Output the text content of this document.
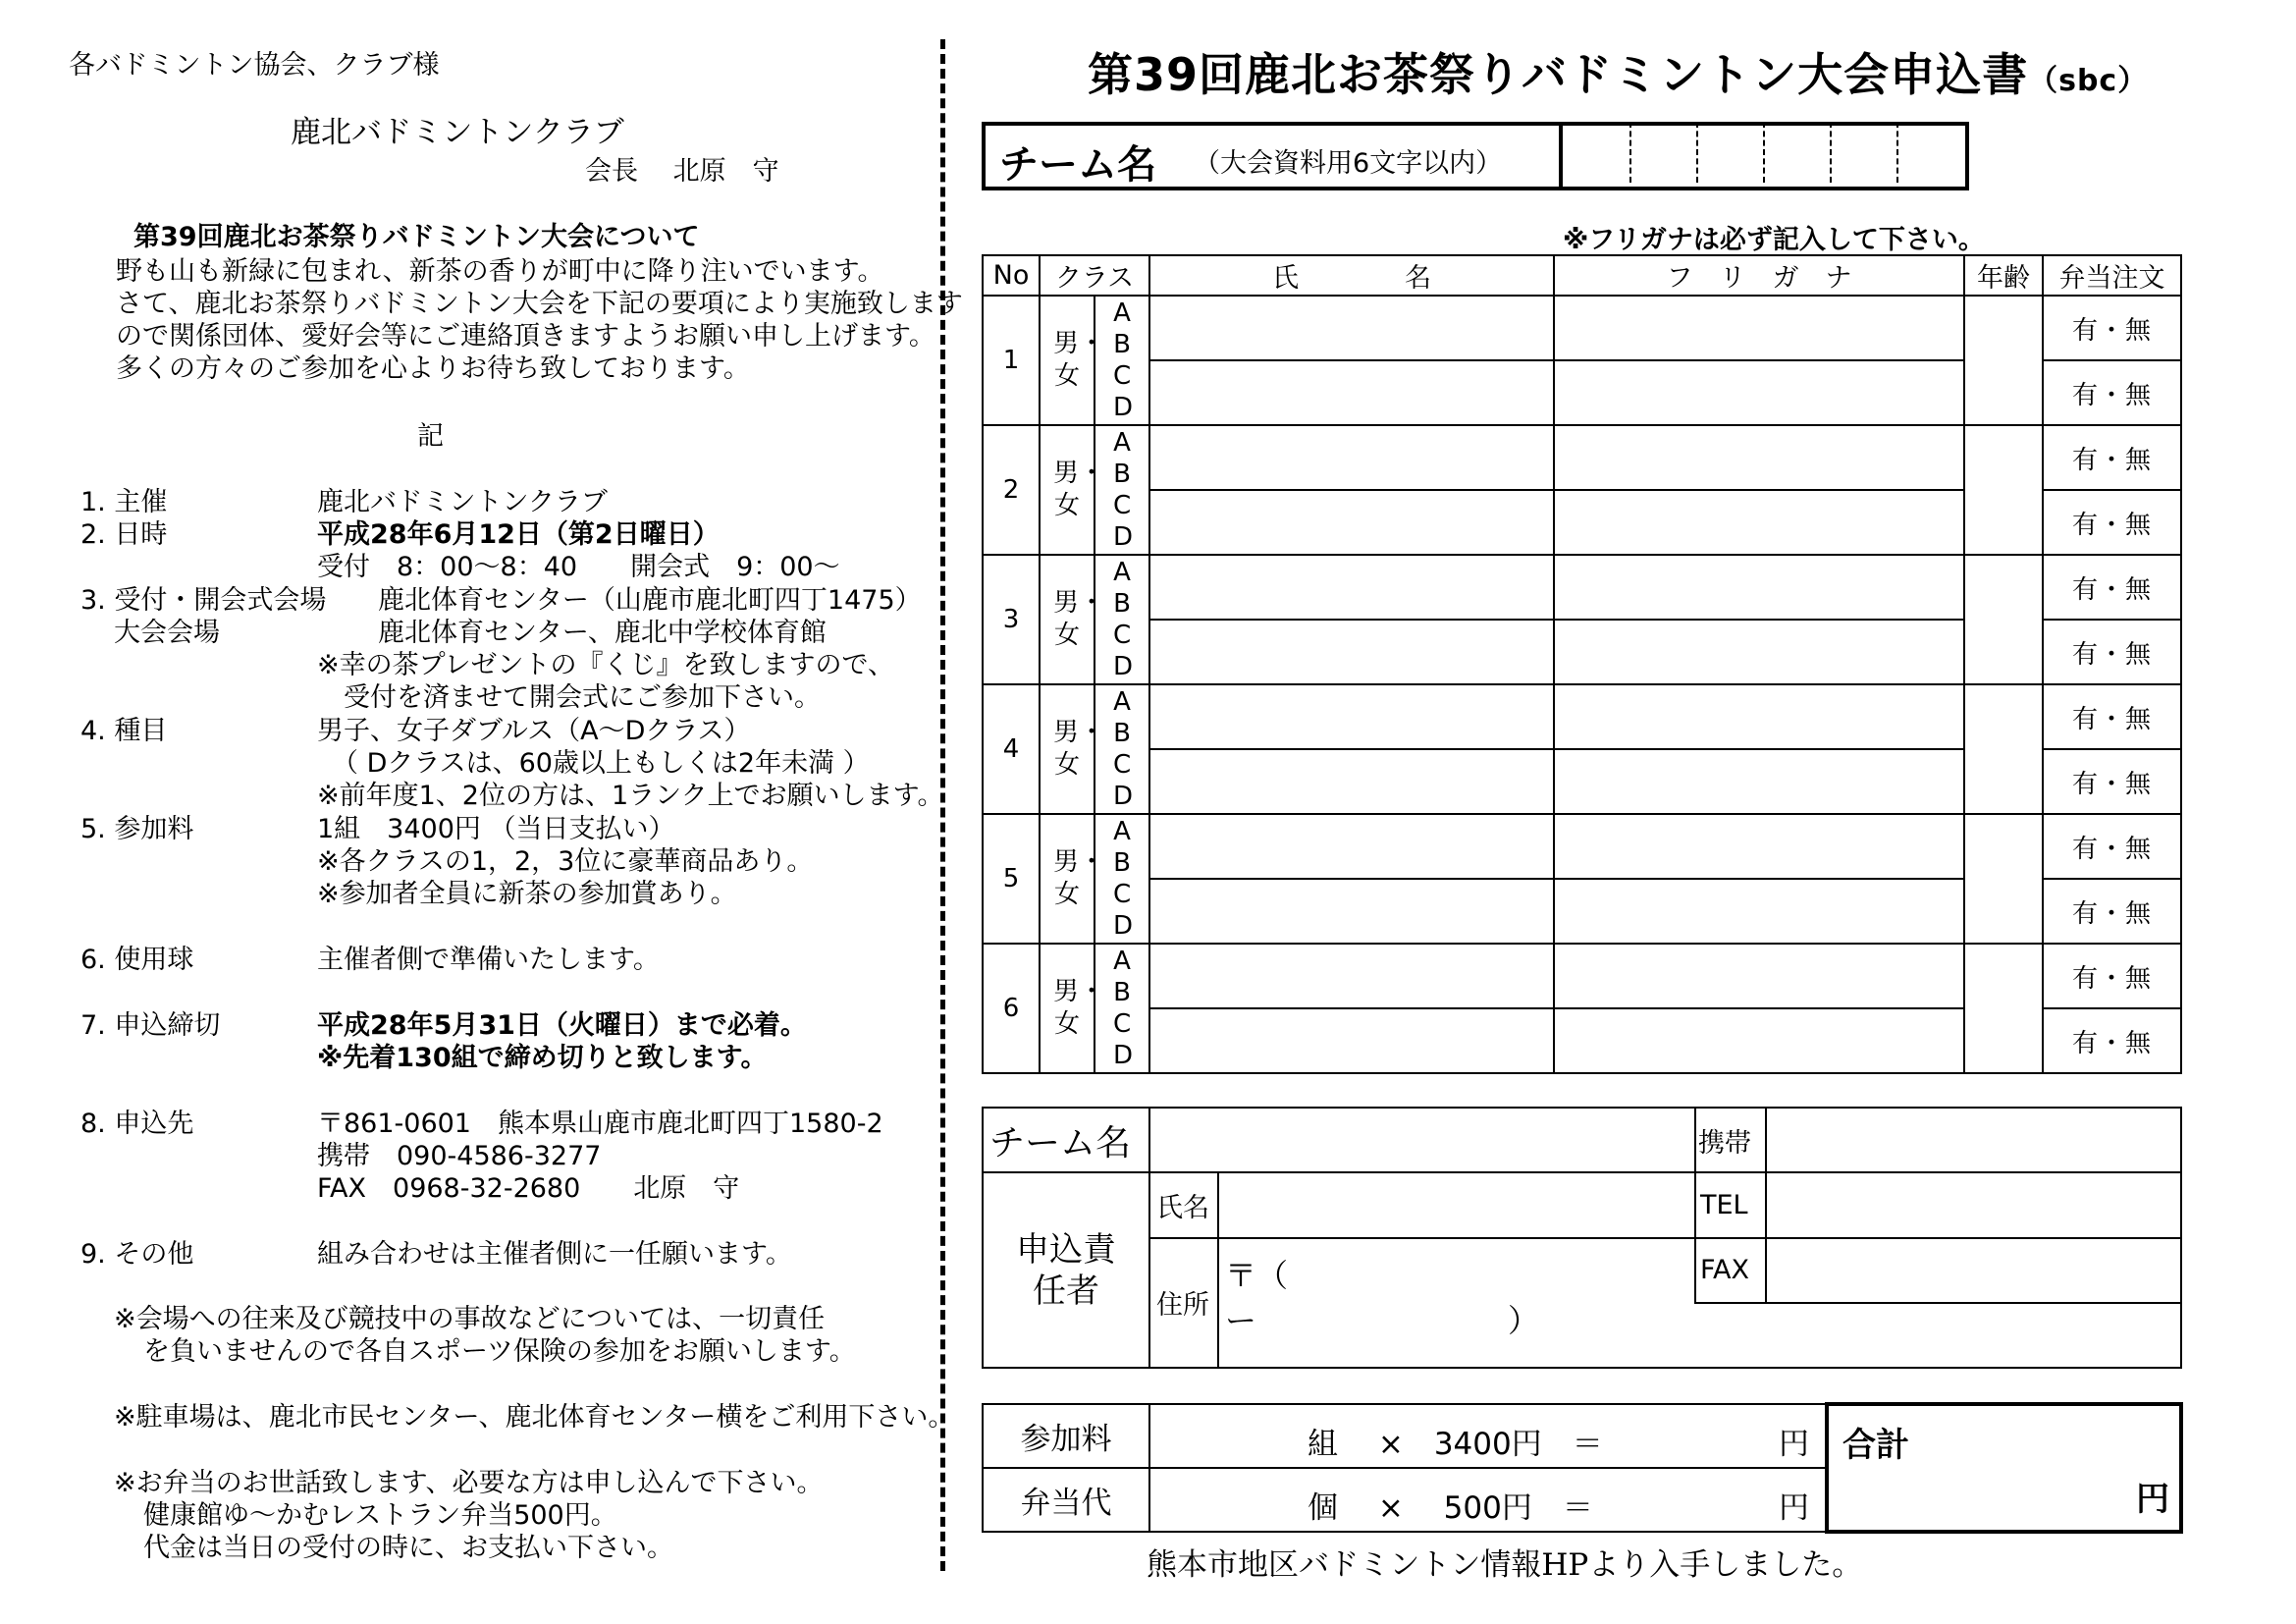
各バドミントン協会、クラブ様
鹿北バドミントンクラブ
会長　 北原　守
第39回鹿北お茶祭りバドミントン大会について
野も山も新緑に包まれ、新茶の香りが町中に降り注いでいます。
さて、鹿北お茶祭りバドミントン大会を下記の要項により実施致します
ので関係団体、愛好会等にご連絡頂きますようお願い申し上げます。
多くの方々のご参加を心よりお待ち致しております。
記
1. 主催	鹿北バドミントンクラブ
2. 日時	平成28年6月12日（第2日曜日）
受付　8：00～8：40　　開会式　9：00～
3. 受付・開会式会場 鹿北体育センター（山鹿市鹿北町四丁1475）
大会会場	鹿北体育センター、鹿北中学校体育館
※幸の茶プレゼントの『くじ』を致しますので、
受付を済ませて開会式にご参加下さい。
4. 種目	男子、女子ダブルス（A～Dクラス）
（ Dクラスは、60歳以上もしくは2年未満 ）
※前年度1、2位の方は、1ランク上でお願いします。
5. 参加料	1組　3400円 （当日支払い）
※各クラスの1，2，3位に豪華商品あり。
※参加者全員に新茶の参加賞あり。
6. 使用球	主催者側で準備いたします。
7. 申込締切	平成28年5月31日（火曜日）まで必着。
※先着130組で締め切りと致します。
8. 申込先	〒861-0601　熊本県山鹿市鹿北町四丁1580-2
携帯　090-4586-3277
FAX　0968-32-2680　　北原　守
9. その他	組み合わせは主催者側に一任願います。
※会場への往来及び競技中の事故などについては、一切責任
を負いませんので各自スポーツ保険の参加をお願いします。
※駐車場は、鹿北市民センター、鹿北体育センター横をご利用下さい。
※お弁当のお世話致します、必要な方は申し込んで下さい。
健康館ゆ～かむレストラン弁当500円。
代金は当日の受付の時に、お支払い下さい。
第39回鹿北お茶祭りバドミントン大会申込書（sbc）
チーム名 （大会資料用6文字以内）
※フリガナは必ず記入して下さい。
No	クラス		氏　　　　名	フ　リ　ガ　ナ	年齢	弁当注文
1	男・女	ABCD				有・無
						有・無
2	男・女	ABCD				有・無
						有・無
3	男・女	ABCD				有・無
						有・無
4	男・女	ABCD				有・無
						有・無
5	男・女	ABCD				有・無
						有・無
6	男・女	ABCD				有・無
						有・無
チーム名			携帯	
申込責任者	氏名		TEL	
	住所	〒（　　　　　　　ー　　　　　　　　）	FAX	

参加料	組　 ×　3400円　＝ 円	合計
円

弁当代	個　 ×　 500円　＝ 円	
熊本市地区バドミントン情報HPより入手しました。
